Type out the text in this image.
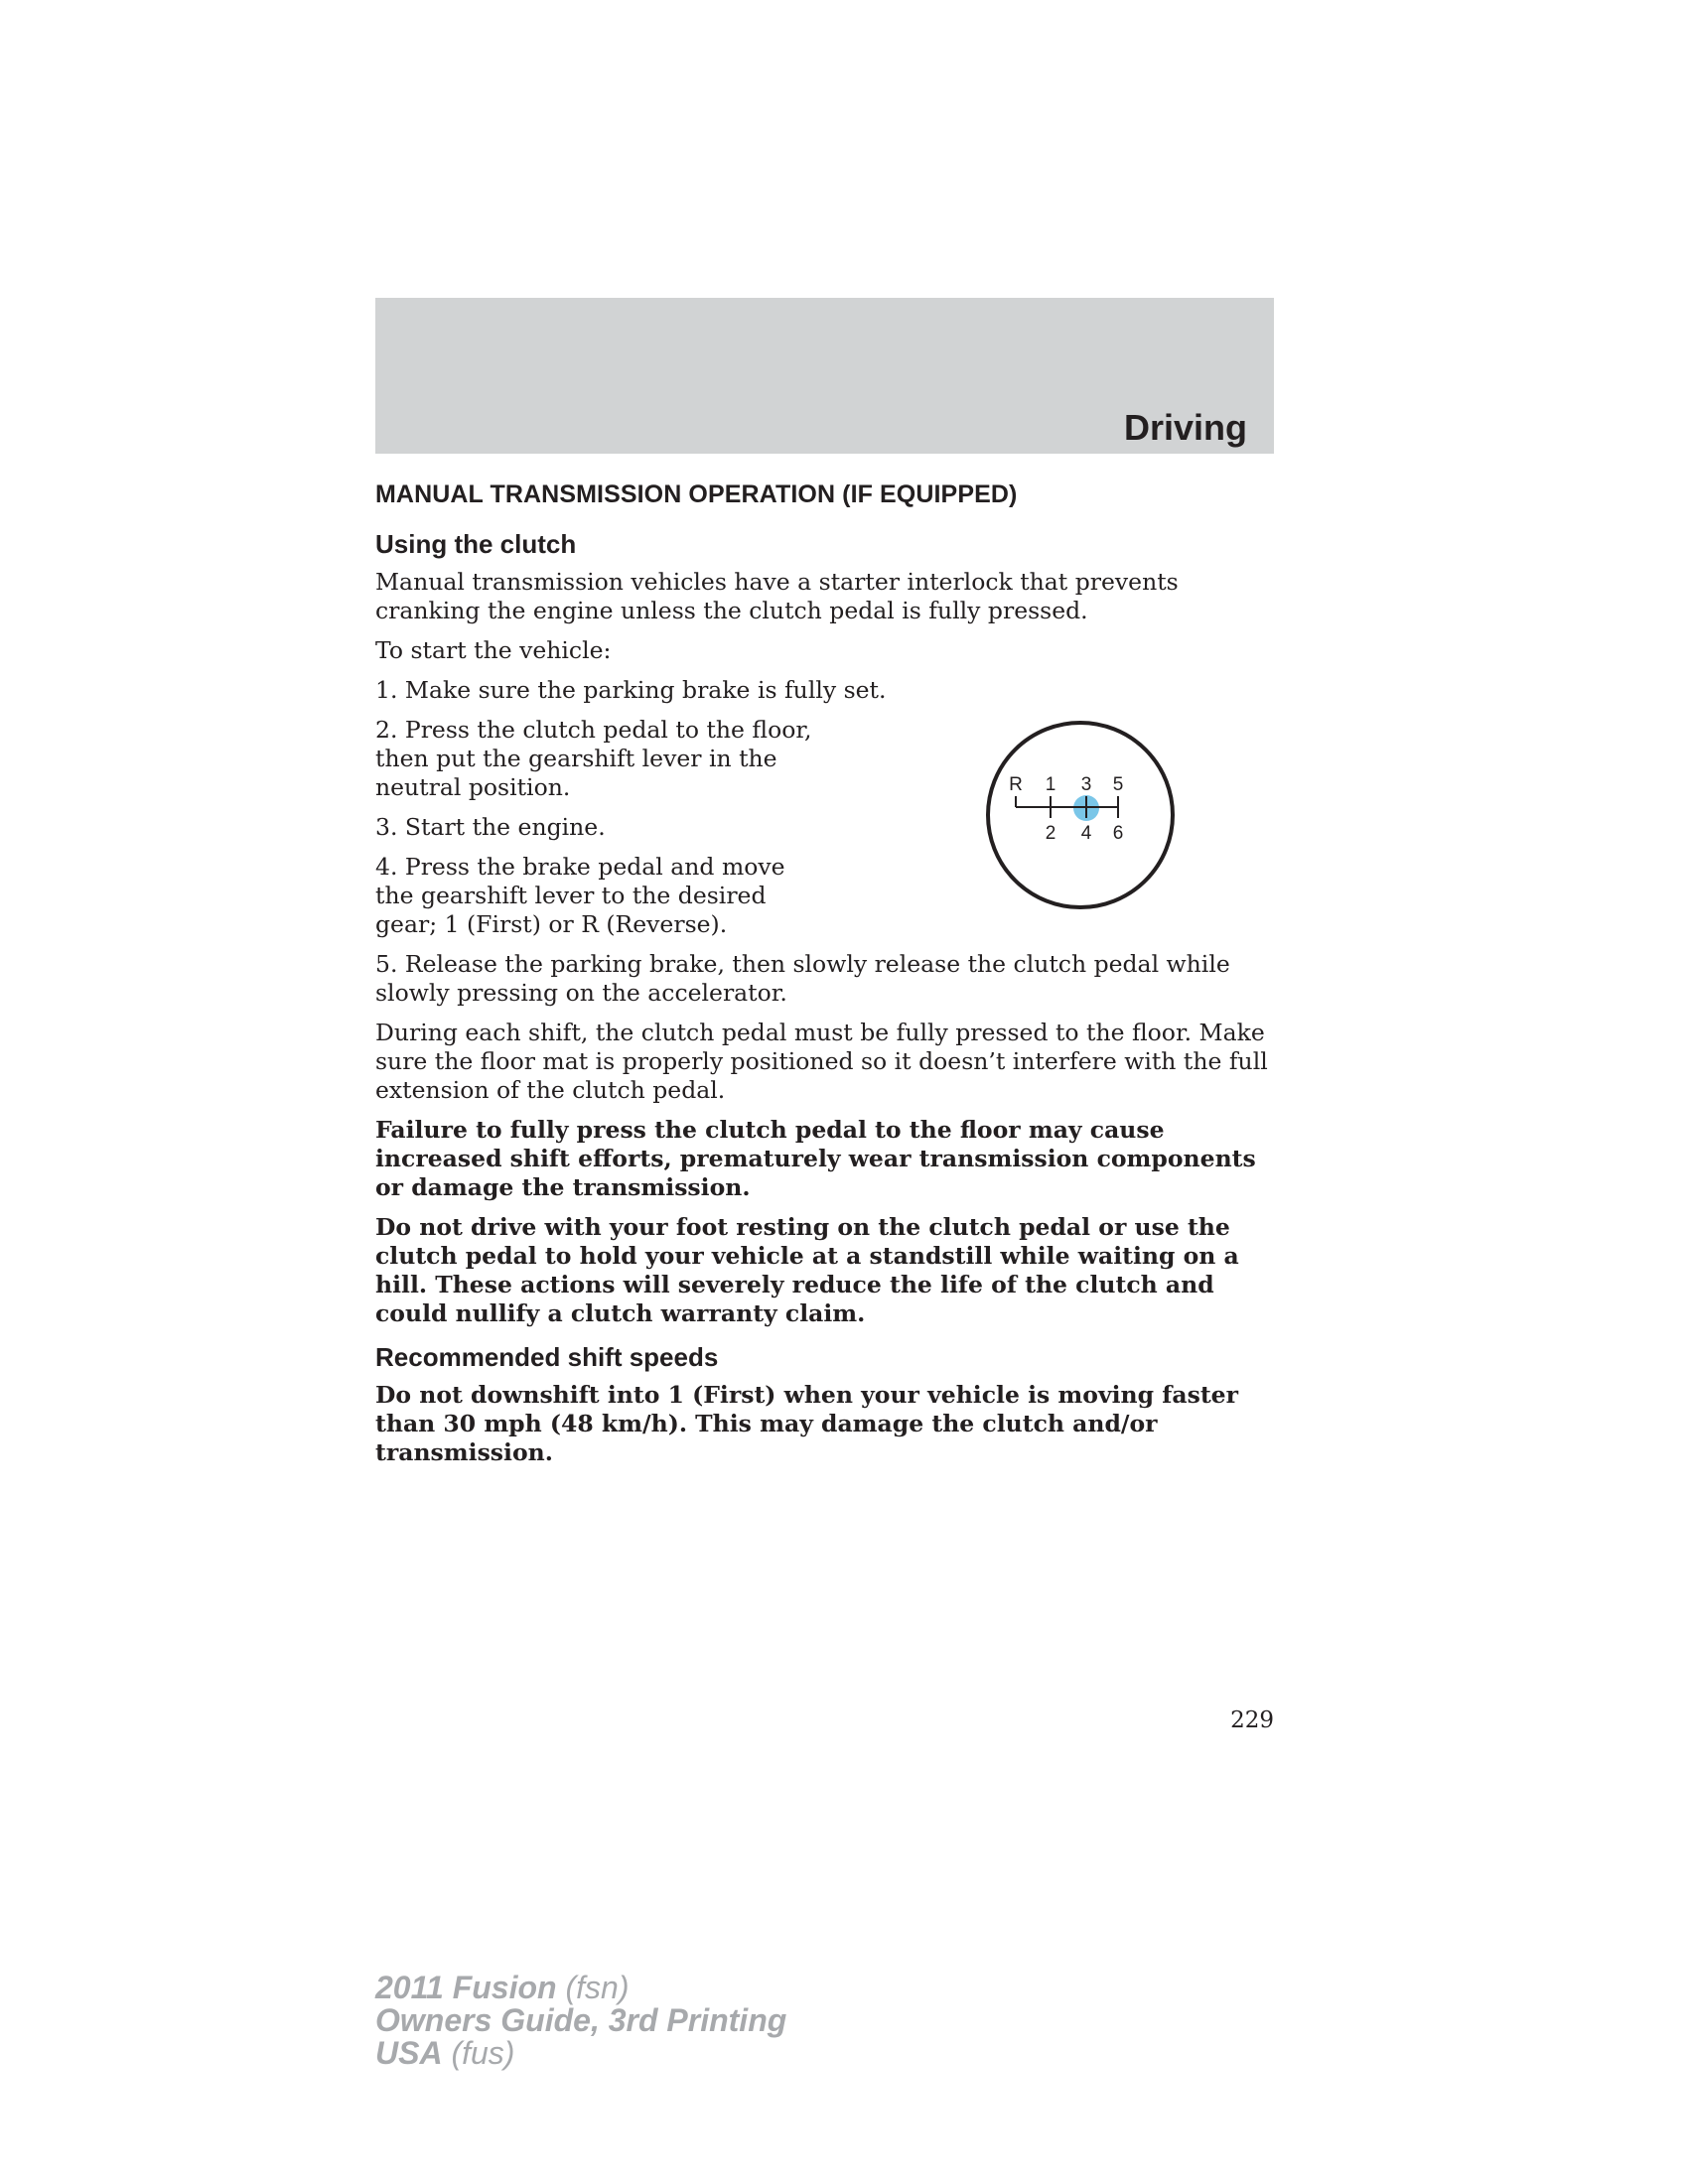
Driving
MANUAL TRANSMISSION OPERATION (IF EQUIPPED)
Using the clutch

Manual transmission vehicles have a starter interlock that prevents cranking the engine unless the clutch pedal is fully pressed.

To start the vehicle:

1. Make sure the parking brake is fully set.

2. Press the clutch pedal to the floor, then put the gearshift lever in the neutral position.

3. Start the engine.

4. Press the brake pedal and move the gearshift lever to the desired gear; 1 (First) or R (Reverse).

R 1 3 5
2 4 6

5. Release the parking brake, then slowly release the clutch pedal while slowly pressing on the accelerator.

During each shift, the clutch pedal must be fully pressed to the floor. Make sure the floor mat is properly positioned so it doesn’t interfere with the full extension of the clutch pedal.

Failure to fully press the clutch pedal to the floor may cause increased shift efforts, prematurely wear transmission components or damage the transmission.

Do not drive with your foot resting on the clutch pedal or use the clutch pedal to hold your vehicle at a standstill while waiting on a hill. These actions will severely reduce the life of the clutch and could nullify a clutch warranty claim.

Recommended shift speeds

Do not downshift into 1 (First) when your vehicle is moving faster than 30 mph (48 km/h). This may damage the clutch and/or transmission.

229
2011 Fusion (fsn)
Owners Guide, 3rd Printing
USA (fus)
